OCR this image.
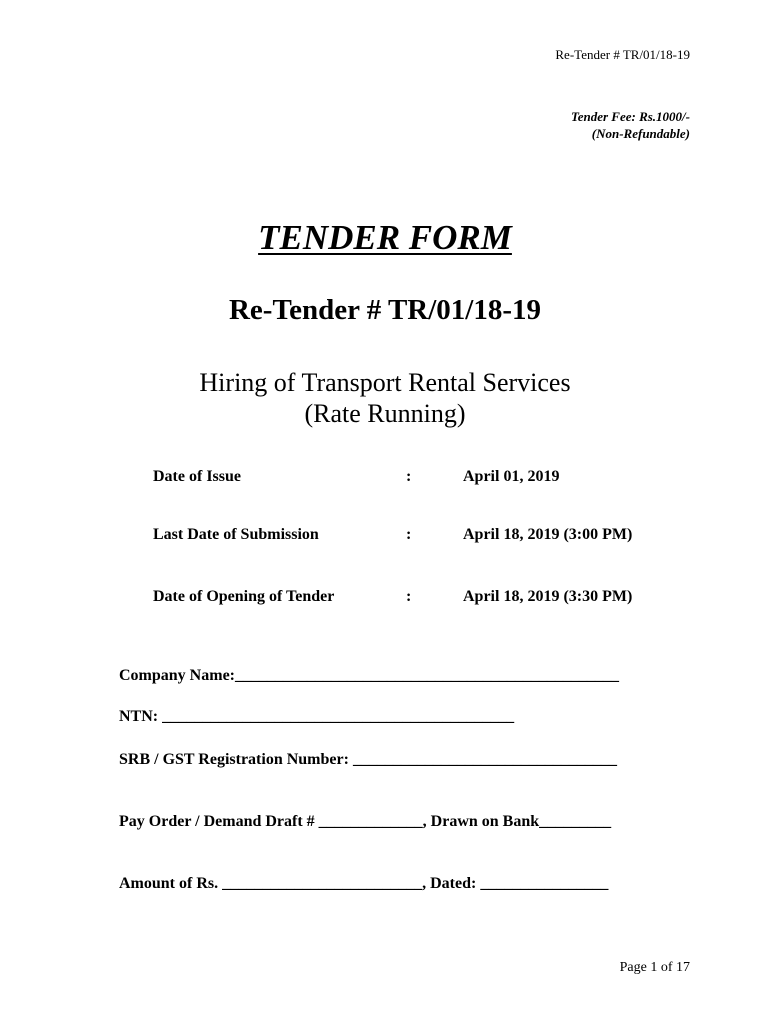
Re-Tender # TR/01/18-19
Tender Fee: Rs.1000/-
(Non-Refundable)
TENDER FORM
Re-Tender # TR/01/18-19
Hiring of Transport Rental Services
(Rate Running)
Date of Issue	:	April 01, 2019
Last Date of Submission	:	April 18, 2019 (3:00 PM)
Date of Opening of Tender	:	April 18, 2019 (3:30 PM)
Company Name:________________________________________________
NTN: ____________________________________________
SRB / GST Registration Number: _________________________________
Pay Order / Demand Draft # _____________, Drawn on Bank_________
Amount of Rs. _________________________, Dated: ________________
Page 1 of 17
